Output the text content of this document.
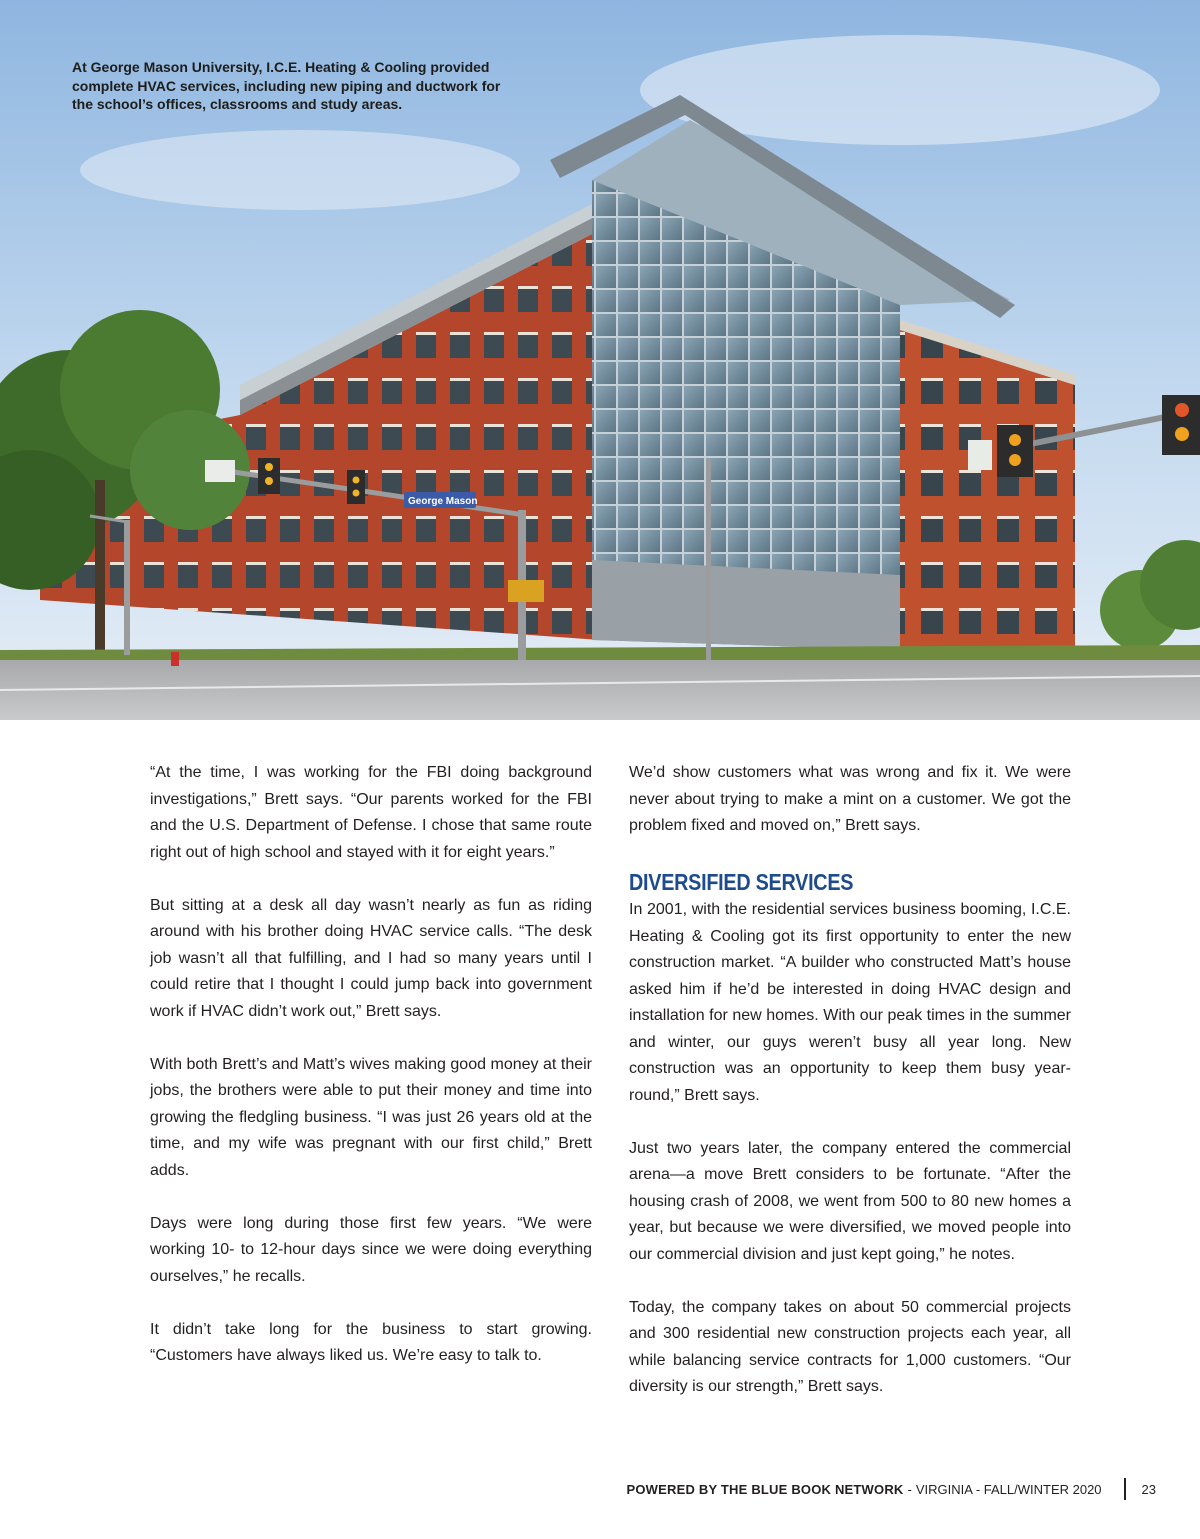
George Mason

At George Mason University, I.C.E. Heating & Cooling provided complete HVAC services, including new piping and ductwork for the school’s offices, classrooms and study areas.

“At the time, I was working for the FBI doing background investigations,” Brett says. “Our parents worked for the FBI and the U.S. Department of Defense. I chose that same route right out of high school and stayed with it for eight years.”

But sitting at a desk all day wasn’t nearly as fun as riding around with his brother doing HVAC service calls. “The desk job wasn’t all that fulfilling, and I had so many years until I could retire that I thought I could jump back into government work if HVAC didn’t work out,” Brett says.

With both Brett’s and Matt’s wives making good money at their jobs, the brothers were able to put their money and time into growing the fledgling business. “I was just 26 years old at the time, and my wife was pregnant with our first child,” Brett adds.

Days were long during those first few years. “We were working 10- to 12-hour days since we were doing everything ourselves,” he recalls.

It didn’t take long for the business to start growing. “Customers have always liked us. We’re easy to talk to.

We’d show customers what was wrong and fix it. We were never about trying to make a mint on a customer. We got the problem fixed and moved on,” Brett says.

DIVERSIFIED SERVICES

In 2001, with the residential services business booming, I.C.E. Heating & Cooling got its first opportunity to enter the new construction market. “A builder who constructed Matt’s house asked him if he’d be interested in doing HVAC design and installation for new homes. With our peak times in the summer and winter, our guys weren’t busy all year long. New construction was an opportunity to keep them busy year-round,” Brett says.

Just two years later, the company entered the commercial arena—a move Brett considers to be fortunate. “After the housing crash of 2008, we went from 500 to 80 new homes a year, but because we were diversified, we moved people into our commercial division and just kept going,” he notes.

Today, the company takes on about 50 commercial projects and 300 residential new construction projects each year, all while balancing service contracts for 1,000 customers. “Our diversity is our strength,” Brett says.

POWERED BY THE BLUE BOOK NETWORK - VIRGINIA - FALL/WINTER 2020	23
